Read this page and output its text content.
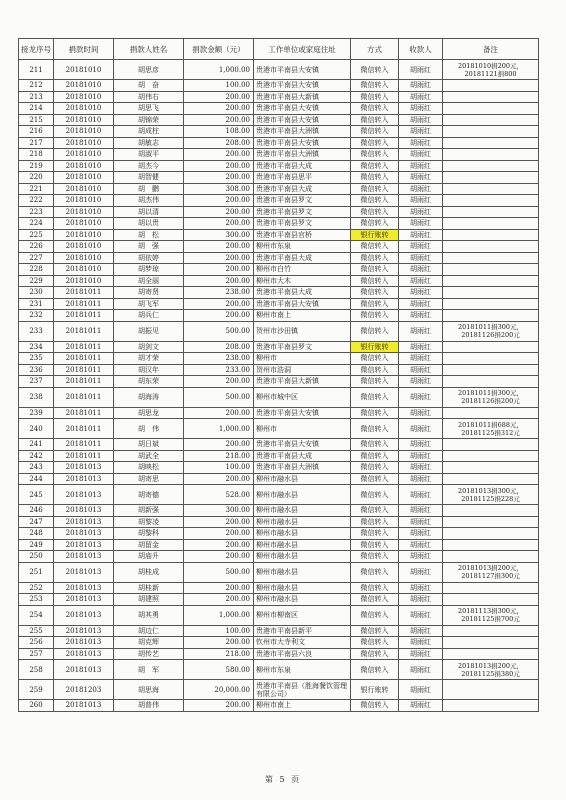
接龙序号	捐款时间	捐款人姓名	捐款金额（元）	工作单位或家庭住址	方式	收款人	备注
211	20181010	胡思彦	1,000.00	贵港市平南县大安镇	微信转入	胡雨红	20181010捐200元，20181121捐800
212	20181010	胡　奋	100.00	贵港市平南县大安镇	微信转入	胡雨红	
213	20181010	胡伟右	200.00	贵港市平南县大新镇	微信转入	胡雨红	
214	20181010	胡思飞	200.00	贵港市平南县大安镇	微信转入	胡雨红	
215	20181010	胡锦荣	200.00	贵港市平南县大安镇	微信转入	胡雨红	
216	20181010	胡成柱	108.00	贵港市平南县大洲镇	微信转入	胡雨红	
217	20181010	胡敏志	208.00	贵港市平南县大安镇	微信转入	胡雨红	
218	20181010	胡淑平	200.00	贵港市平南县大洲镇	微信转入	胡雨红	
219	20181010	胡杰今	200.00	贵港市平南县大成	微信转入	胡雨红	
220	20181010	胡智健	200.00	贵港市平南县思平	微信转入	胡雨红	
221	20181010	胡　鹏	308.00	贵港市平南县大成	微信转入	胡雨红	
222	20181010	胡杰伟	200.00	贵港市平南县罗文	微信转入	胡雨红	
223	20181010	胡以清	200.00	贵港市平南县罗文	微信转入	胡雨红	
224	20181010	胡以贵	200.00	贵港市平南县罗文	微信转入	胡雨红	
225	20181010	胡　松	300.00	贵港市平南县官桥	银行账转	胡雨红	
226	20181010	胡　强	200.00	柳州市东泉	微信转入	胡雨红	
227	20181010	胡依婷	200.00	贵港市平南县大成	微信转入	胡雨红	
228	20181010	胡梦琼	200.00	柳州市白竹	微信转入	胡雨红	
229	20181010	胡全丽	200.00	柳州市大木	微信转入	胡雨红	
230	20181011	胡寄贤	238.00	贵港市平南县大成	微信转入	胡雨红	
231	20181011	胡飞军	200.00	贵港市平南县大安镇	微信转入	胡雨红	
232	20181011	胡兵仁	200.00	柳州市南上	微信转入	胡雨红	
233	20181011	胡振见	500.00	贺州市沙田镇	微信转入	胡雨红	20181011捐300元，20181126捐200元
234	20181011	胡剑文	208.00	贵港市平南县罗文	银行账转	胡雨红	
235	20181011	胡才荣	238.00	柳州市	微信转入	胡雨红	
236	20181011	胡汉年	233.00	贺州市浩洞	微信转入	胡雨红	
237	20181011	胡东荣	200.00	贵港市平南县大新镇	微信转入	胡雨红	
238	20181011	胡海涛	500.00	柳州市城中区	微信转入	胡雨红	20181011捐300元，20181126捐200元
239	20181011	胡思龙	200.00	贵港市平南县大安镇	微信转入	胡雨红	
240	20181011	胡　伟	1,000.00	柳州市	微信转入	胡雨红	20181011捐688元，20181125捐312元
241	20181011	胡日斌	200.00	贵港市平南县大安镇	微信转入	胡雨红	
242	20181011	胡武全	218.00	贵港市平南县大成	微信转入	胡雨红	
243	20181013	胡映松	100.00	贵港市平南县大洲镇	微信转入	胡雨红	
244	20181013	胡寄思	200.00	柳州市融水县	微信转入	胡雨红	
245	20181013	胡寄德	528.00	柳州市融水县	微信转入	胡雨红	20181013捐300元，20181125捐228元
246	20181013	胡新强	300.00	柳州市融水县	微信转入	胡雨红	
247	20181013	胡黎凌	200.00	柳州市融水县	微信转入	胡雨红	
248	20181013	胡黎科	200.00	柳州市融水县	微信转入	胡雨红	
249	20181013	胡留金	200.00	柳州市融水县	微信转入	胡雨红	
250	20181013	胡庙升	200.00	柳州市融水县	微信转入	胡雨红	
251	20181013	胡桂成	500.00	柳州市融水县	微信转入	胡雨红	20181013捐200元，20181127捐300元
252	20181013	胡桂新	200.00	柳州市融水县	微信转入	胡雨红	
253	20181013	胡建照	200.00	柳州市融水县	微信转入	胡雨红	
254	20181013	胡其勇	1,000.00	柳州市柳南区	微信转入	胡雨红	20181113捐300元，20181125捐700元
255	20181013	胡边仁	100.00	贵港市平南县新平	微信转入	胡雨红	
256	20181013	胡克辉	200.00	钦州市大寺利文	微信转入	胡雨红	
257	20181013	胡传艺	218.00	贵港市平南县六良	微信转入	胡雨红	
258	20181013	胡　军	580.00	柳州市东泉	微信转入	胡雨红	20181013捐200元，20181125捐380元
259	20181203	胡思海	20,000.00	贵港市平南县（胜海餐饮管理有限公司）	银行账转	胡雨红	
260	20181013	胡普伟	200.00	柳州市南上	微信转入	胡雨红	
第 5 页
